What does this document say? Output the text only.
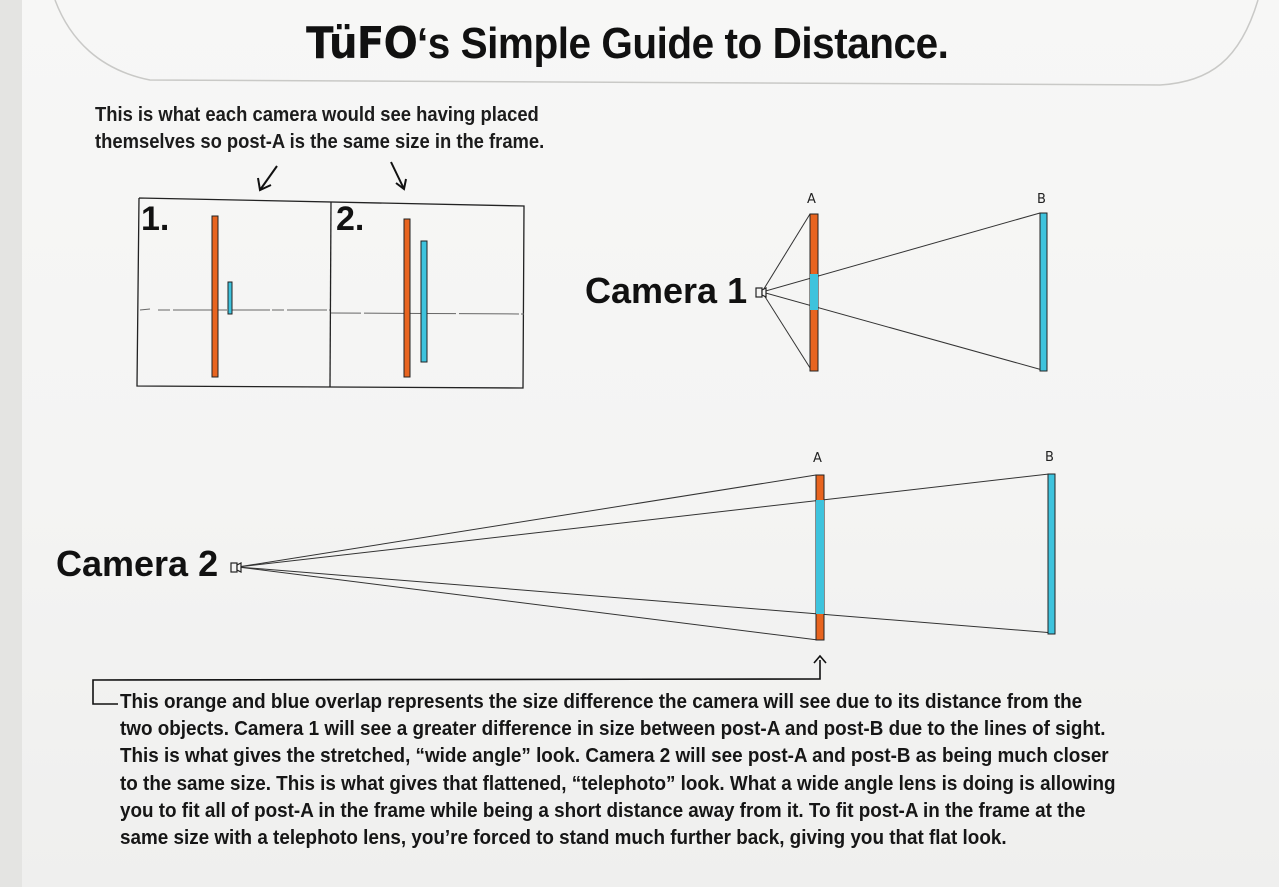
TüFO‘s Simple Guide to Distance.
This is what each camera would see having placed
themselves so post-A is the same size in the frame.
1.	2.
Camera 1
A	B
Camera 2
A	B
This orange and blue overlap represents the size difference the camera will see due to its distance from the
two objects. Camera 1 will see a greater difference in size between post-A and post-B due to the lines of sight.
This is what gives the stretched, “wide angle” look. Camera 2 will see post-A and post-B as being much closer
to the same size. This is what gives that flattened, “telephoto” look. What a wide angle lens is doing is allowing
you to fit all of post-A in the frame while being a short distance away from it. To fit post-A in the frame at the
same size with a telephoto lens, you’re forced to stand much further back, giving you that flat look.
